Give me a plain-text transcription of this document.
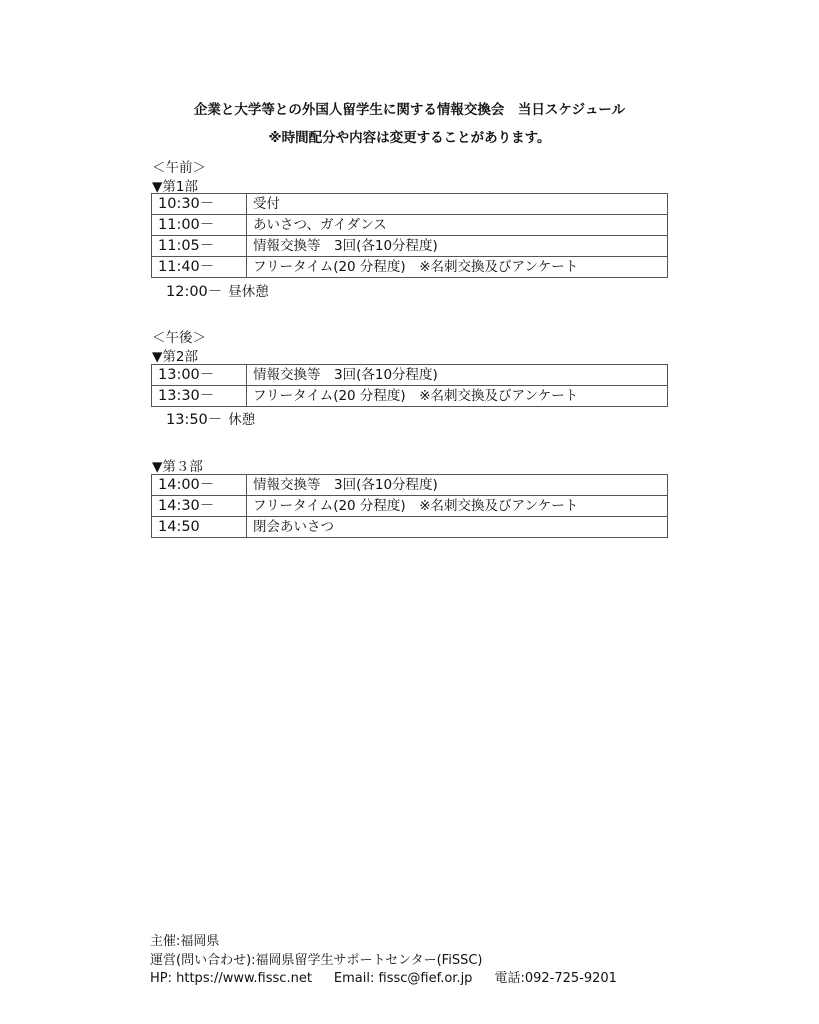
企業と大学等との外国人留学生に関する情報交換会　当日スケジュール
※時間配分や内容は変更することがあります。
＜午前＞
▼第1部
10:30－	受付
11:00－	あいさつ、ガイダンス
11:05－	情報交換等　3回(各10分程度)
11:40－	フリータイム(20 分程度)　※名刺交換及びアンケート
12:00－ 昼休憩
＜午後＞
▼第2部
13:00－	情報交換等　3回(各10分程度)
13:30－	フリータイム(20 分程度)　※名刺交換及びアンケート
13:50－ 休憩
▼第３部
14:00－	情報交換等　3回(各10分程度)
14:30－	フリータイム(20 分程度)　※名刺交換及びアンケート
14:50	閉会あいさつ
主催:福岡県
運営(問い合わせ):福岡県留学生サポートセンター(FiSSC)
HP: https://www.fissc.net Email: fissc@fief.or.jp 電話:092-725-9201
